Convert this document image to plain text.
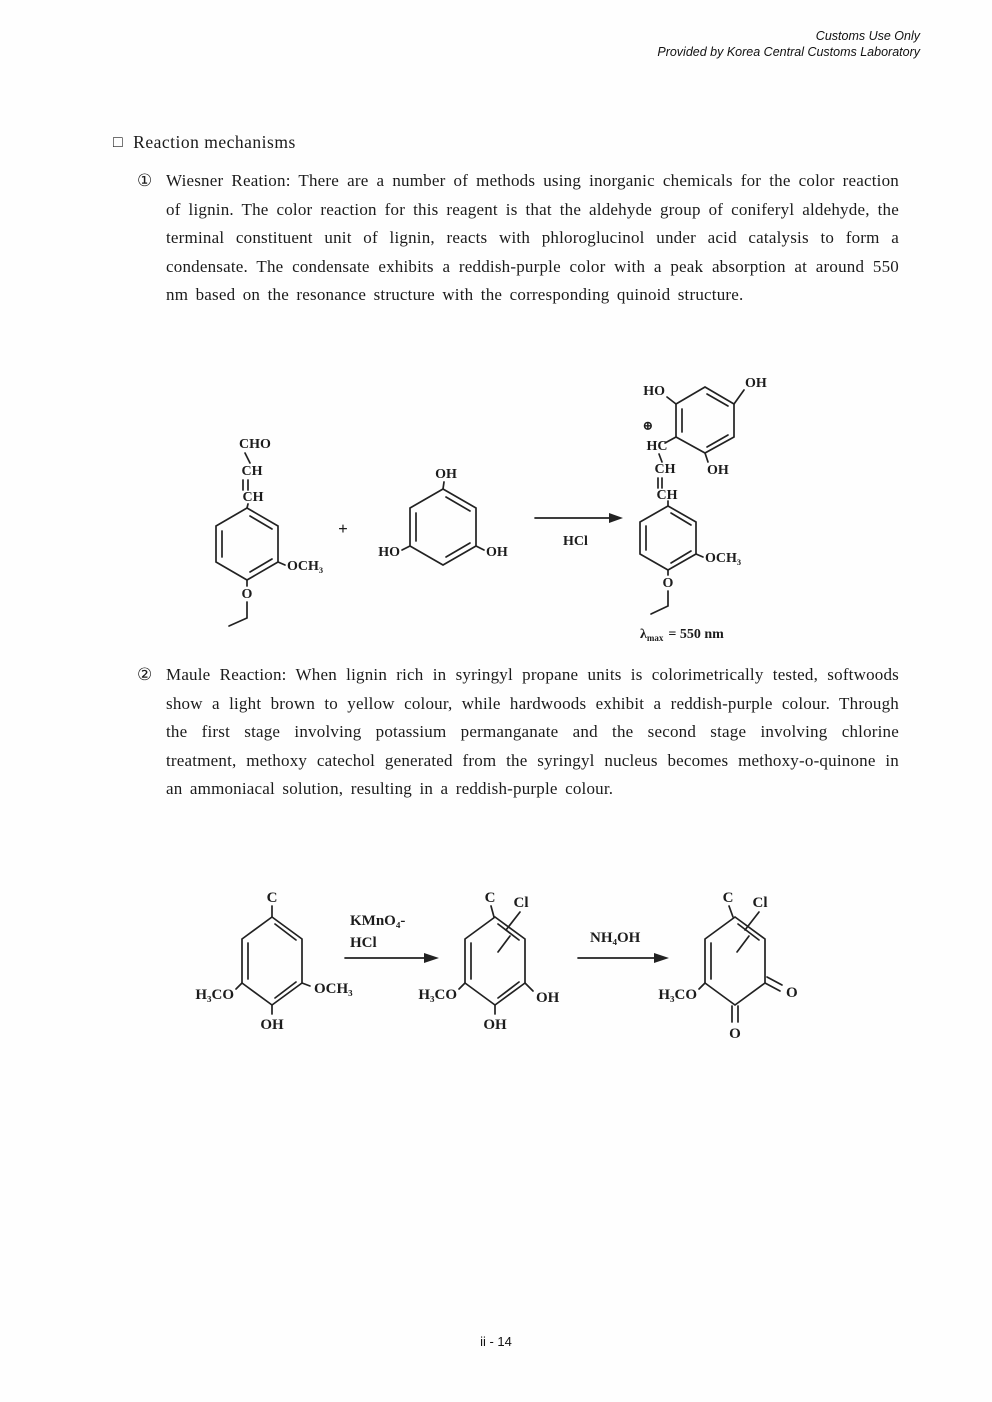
Customs Use Only
Provided by Korea Central Customs Laboratory
□ Reaction mechanisms
① Wiesner Reation: There are a number of methods using inorganic chemicals for the color reaction of lignin. The color reaction for this reagent is that the aldehyde group of coniferyl aldehyde, the terminal constituent unit of lignin, reacts with phloroglucinol under acid catalysis to form a condensate. The condensate exhibits a reddish-purple color with a peak absorption at around 550 nm based on the resonance structure with the corresponding quinoid structure.
CHO
CH
CH
OCH₃
O
+
OH
HO	OH
HCl
OH
HO
OH
⊕
HC
CH
CH
OCH₃
O
$\lambda_{max} = 550$ nm
② Maule Reaction: When lignin rich in syringyl propane units is colorimetrically tested, softwoods show a light brown to yellow colour, while hardwoods exhibit a reddish-purple colour. Through the first stage involving potassium permanganate and the second stage involving chlorine treatment, methoxy catechol generated from the syringyl nucleus becomes methoxy-o-quinone in an ammoniacal solution, resulting in a reddish-purple colour.
C
H₃CO	OCH₃
OH
KMnO₄-
HCl
C Cl
H₃CO	OH
OH
NH₄OH
C Cl
H₃CO	O
O
ii - 14
